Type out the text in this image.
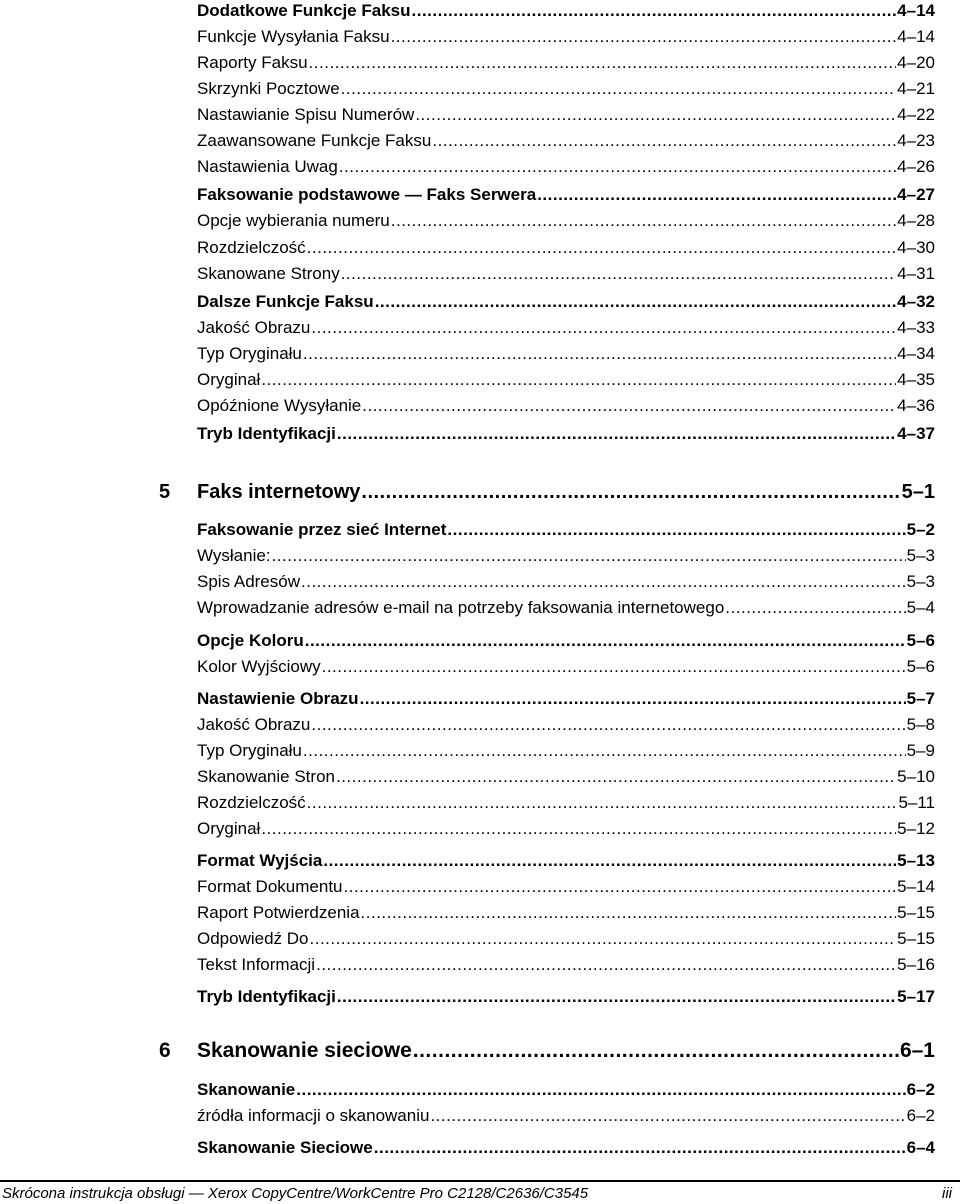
Dodatkowe Funkcje Faksu .....	4–14
Funkcje Wysyłania Faksu .....	4–14
Raporty Faksu .....	4–20
Skrzynki Pocztowe .....	4–21
Nastawianie Spisu Numerów .....	4–22
Zaawansowane Funkcje Faksu .....	4–23
Nastawienia Uwag .....	4–26
Faksowanie podstawowe — Faks Serwera .....	4–27
Opcje wybierania numeru .....	4–28
Rozdzielczość .....	4–30
Skanowane Strony .....	4–31
Dalsze Funkcje Faksu .....	4–32
Jakość Obrazu .....	4–33
Typ Oryginału .....	4–34
Oryginał .....	4–35
Opóźnione Wysyłanie .....	4–36
Tryb Identyfikacji .....	4–37
5 Faks internetowy .....	5–1
Faksowanie przez sieć Internet .....	5–2
Wysłanie: .....	5–3
Spis Adresów .....	5–3
Wprowadzanie adresów e-mail na potrzeby faksowania internetowego .....	5–4
Opcje Koloru .....	5–6
Kolor Wyjściowy .....	5–6
Nastawienie Obrazu .....	5–7
Jakość Obrazu .....	5–8
Typ Oryginału .....	5–9
Skanowanie Stron .....	5–10
Rozdzielczość .....	5–11
Oryginał .....	5–12
Format Wyjścia .....	5–13
Format Dokumentu .....	5–14
Raport Potwierdzenia .....	5–15
Odpowiedź Do .....	5–15
Tekst Informacji .....	5–16
Tryb Identyfikacji .....	5–17
6 Skanowanie sieciowe .....	6–1
Skanowanie .....	6–2
źródła informacji o skanowaniu .....	6–2
Skanowanie Sieciowe .....	6–4
Skrócona instrukcja obsługi — Xerox CopyCentre/WorkCentre Pro C2128/C2636/C3545	iii
